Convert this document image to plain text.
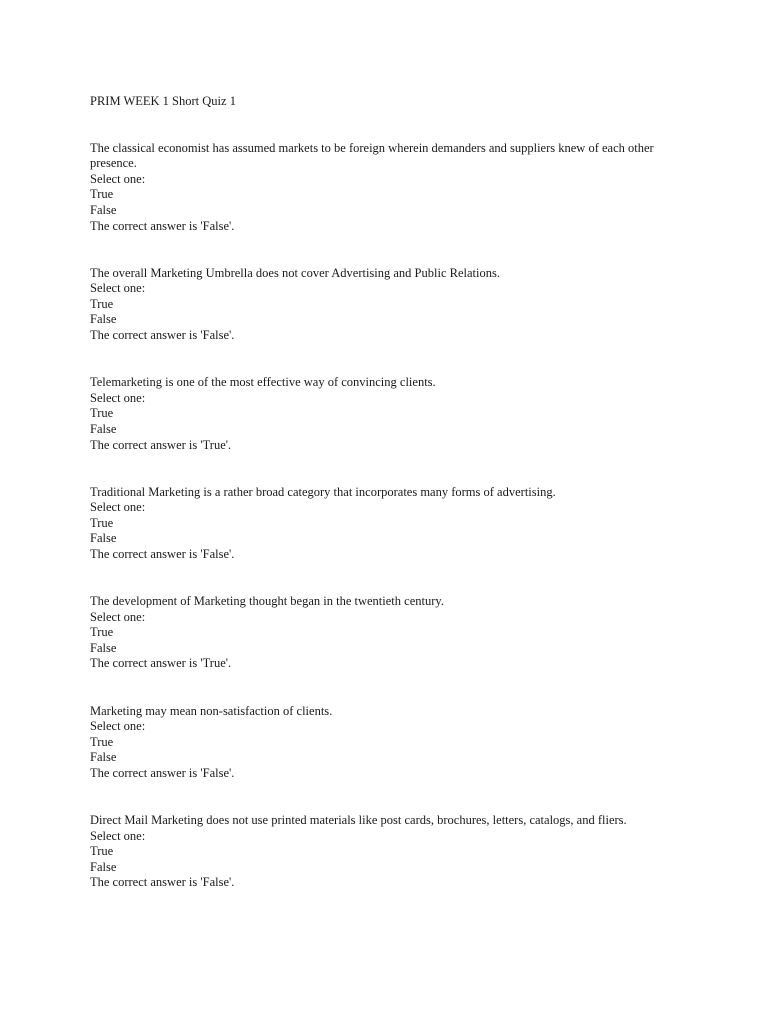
PRIM WEEK 1 Short Quiz 1
The classical economist has assumed markets to be foreign wherein demanders and suppliers knew of each other presence.
Select one:
True
False
The correct answer is 'False'.
The overall Marketing Umbrella does not cover Advertising and Public Relations.
Select one:
True
False
The correct answer is 'False'.
Telemarketing is one of the most effective way of convincing clients.
Select one:
True
False
The correct answer is 'True'.
Traditional Marketing is a rather broad category that incorporates many forms of advertising.
Select one:
True
False
The correct answer is 'False'.
The development of Marketing thought began in the twentieth century.
Select one:
True
False
The correct answer is 'True'.
Marketing may mean non-satisfaction of clients.
Select one:
True
False
The correct answer is 'False'.
Direct Mail Marketing does not use printed materials like post cards, brochures, letters, catalogs, and fliers.
Select one:
True
False
The correct answer is 'False'.
